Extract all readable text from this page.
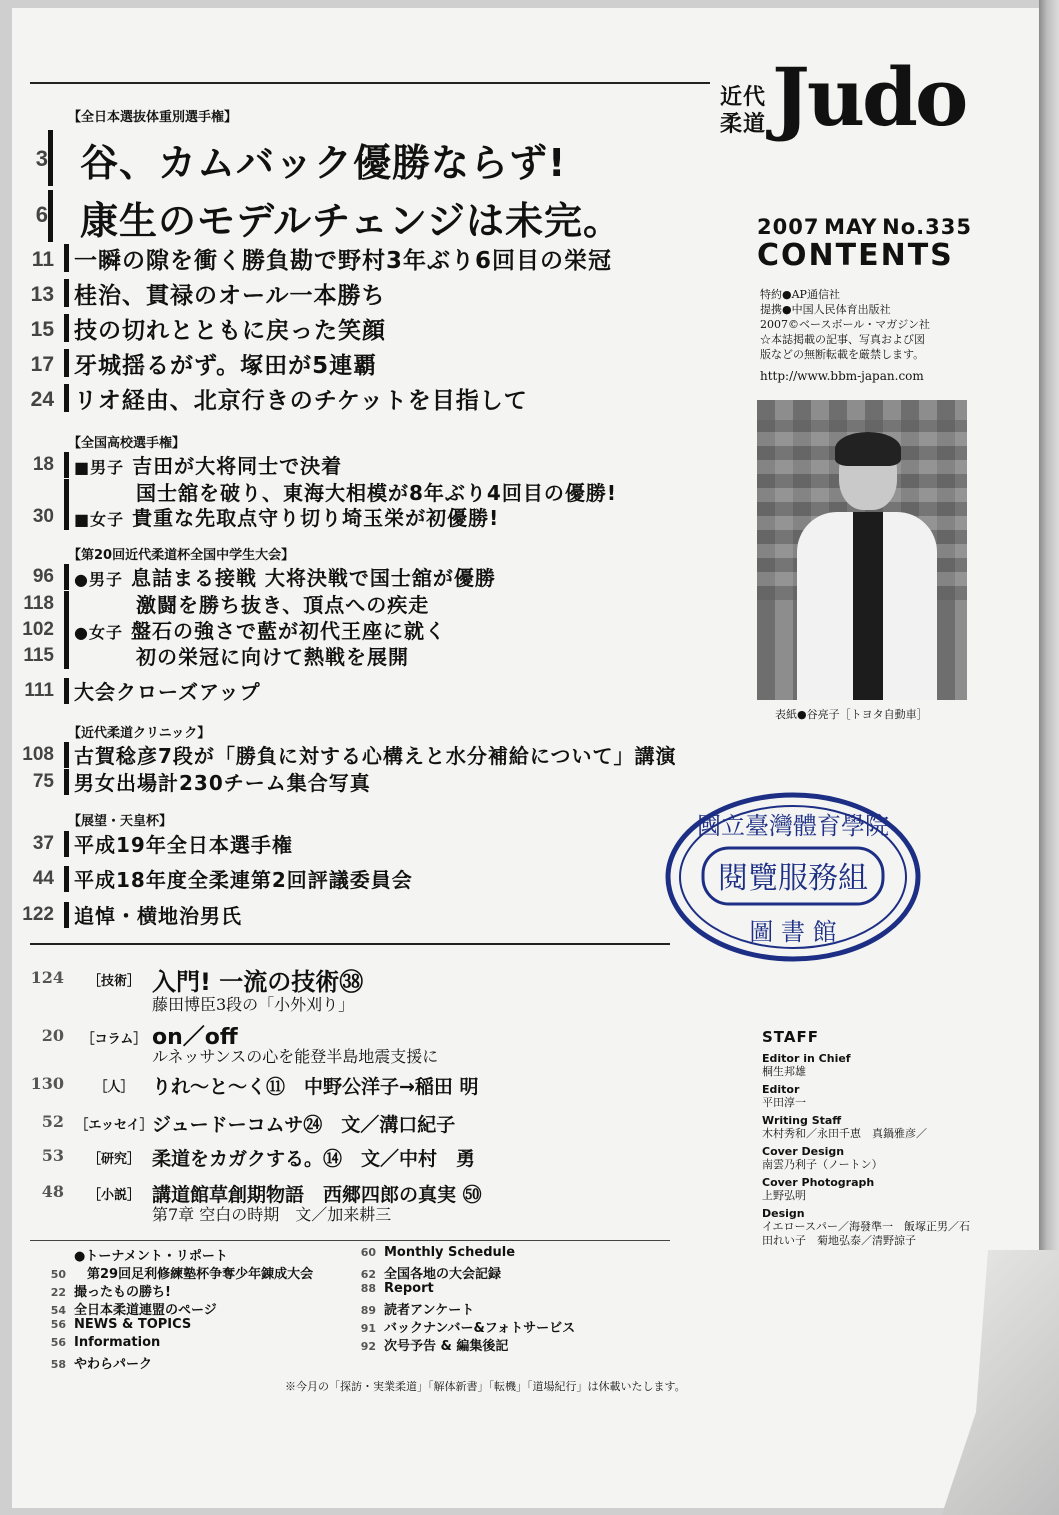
近代柔道 Judo
2007 MAY No.335
CONTENTS
特約●AP通信社
提携●中国人民体育出版社
2007©ベースボール・マガジン社
☆本誌掲載の記事、写真および図
版などの無断転載を厳禁します。
http://www.bbm-japan.com
表紙●谷亮子［トヨタ自動車］
國立臺灣體育學院
閱覽服務組
圖 書 館
【全日本選抜体重別選手権】
3 谷、カムバック優勝ならず!
6 康生のモデルチェンジは未完。
11 一瞬の隙を衝く勝負勘で野村3年ぶり6回目の栄冠
13 桂治、貫禄のオール一本勝ち
15 技の切れとともに戻った笑顔
17 牙城揺るがず。塚田が5連覇
24 リオ経由、北京行きのチケットを目指して
【全国高校選手権】
18 ■男子 吉田が大将同士で決着
国士舘を破り、東海大相模が8年ぶり4回目の優勝!
30 ■女子 貴重な先取点守り切り埼玉栄が初優勝!
【第20回近代柔道杯全国中学生大会】
96 ●男子 息詰まる接戦 大将決戦で国士舘が優勝
118	激闘を勝ち抜き、頂点への疾走
102 ●女子 盤石の強さで藍が初代王座に就く
115	初の栄冠に向けて熱戦を展開
111 大会クローズアップ
【近代柔道クリニック】
108 古賀稔彦7段が「勝負に対する心構えと水分補給について」講演
75 男女出場計230チーム集合写真
【展望・天皇杯】
37 平成19年全日本選手権
44 平成18年度全柔連第2回評議委員会
122 追悼・横地治男氏
124	［技術］ 入門! 一流の技術㊳
藤田博臣3段の「小外刈り」
20	［コラム］ on／off
ルネッサンスの心を能登半島地震支援に
130	［人］ りれ～と～く⑪　中野公洋子→稲田 明
52 ［エッセイ］ ジュードーコムサ㉔　文／溝口紀子
53	［研究］ 柔道をカガクする。⑭　文／中村　勇
48	［小説］ 講道館草創期物語　西郷四郎の真実 ㊿
第7章 空白の時期　文／加来耕三
●トーナメント・リポート
50　第29回足利修練塾杯争奪少年錬成大会
22 撮ったもの勝ち!
54 全日本柔道連盟のページ
56 NEWS & TOPICS
56 Information
58 やわらパーク
60 Monthly Schedule
62 全国各地の大会記録
88 Report
89 読者アンケート
91 バックナンバー&フォトサービス
92 次号予告 & 編集後記
※今月の「探訪・実業柔道」「解体新書」「転機」「道場紀行」は休載いたします。
STAFF
Editor in Chief
桐生邦雄
Editor
平田淳一
Writing Staff
木村秀和／永田千恵　真鍋雅彦／
Cover Design
南雲乃利子（ノートン）
Cover Photograph
上野弘明
Design
イエロースパー／海發準一　飯塚正男／石田れい子　菊地弘泰／清野諒子
